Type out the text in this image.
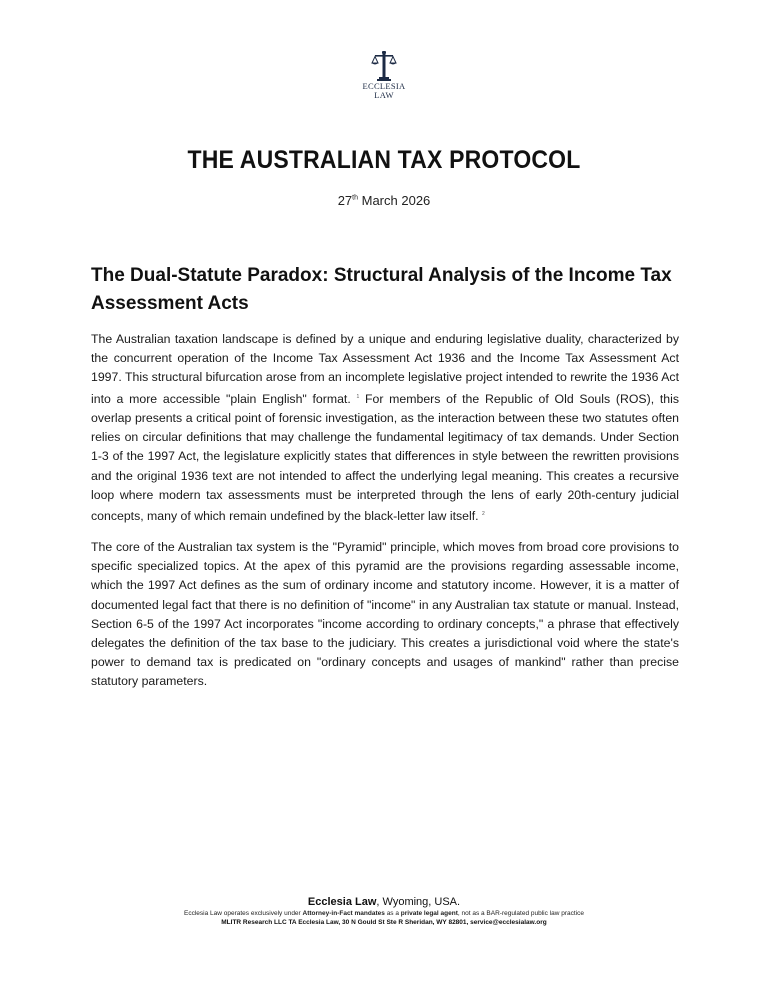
ECCLESIA
LAW
THE AUSTRALIAN TAX PROTOCOL
27th March 2026
The Dual-Statute Paradox: Structural Analysis of the Income Tax Assessment Acts

The Australian taxation landscape is defined by a unique and enduring legislative duality, characterized by the concurrent operation of the Income Tax Assessment Act 1936 and the Income Tax Assessment Act 1997. This structural bifurcation arose from an incomplete legislative project intended to rewrite the 1936 Act into a more accessible "plain English" format. $^1$ For members of the Republic of Old Souls (ROS), this overlap presents a critical point of forensic investigation, as the interaction between these two statutes often relies on circular definitions that may challenge the fundamental legitimacy of tax demands. Under Section 1-3 of the 1997 Act, the legislature explicitly states that differences in style between the rewritten provisions and the original 1936 text are not intended to affect the underlying legal meaning. This creates a recursive loop where modern tax assessments must be interpreted through the lens of early 20th-century judicial concepts, many of which remain undefined by the black-letter law itself. $^2$

The core of the Australian tax system is the "Pyramid" principle, which moves from broad core provisions to specific specialized topics. At the apex of this pyramid are the provisions regarding assessable income, which the 1997 Act defines as the sum of ordinary income and statutory income. However, it is a matter of documented legal fact that there is no definition of "income" in any Australian tax statute or manual. Instead, Section 6-5 of the 1997 Act incorporates "income according to ordinary concepts," a phrase that effectively delegates the definition of the tax base to the judiciary. This creates a jurisdictional void where the state's power to demand tax is predicated on "ordinary concepts and usages of mankind" rather than precise statutory parameters.

Ecclesia Law, Wyoming, USA.
Ecclesia Law operates exclusively under Attorney-in-Fact mandates as a private legal agent, not as a BAR-regulated public law practice
MLITR Research LLC TA Ecclesia Law, 30 N Gould St Ste R Sheridan, WY 82801, service@ecclesialaw.org
